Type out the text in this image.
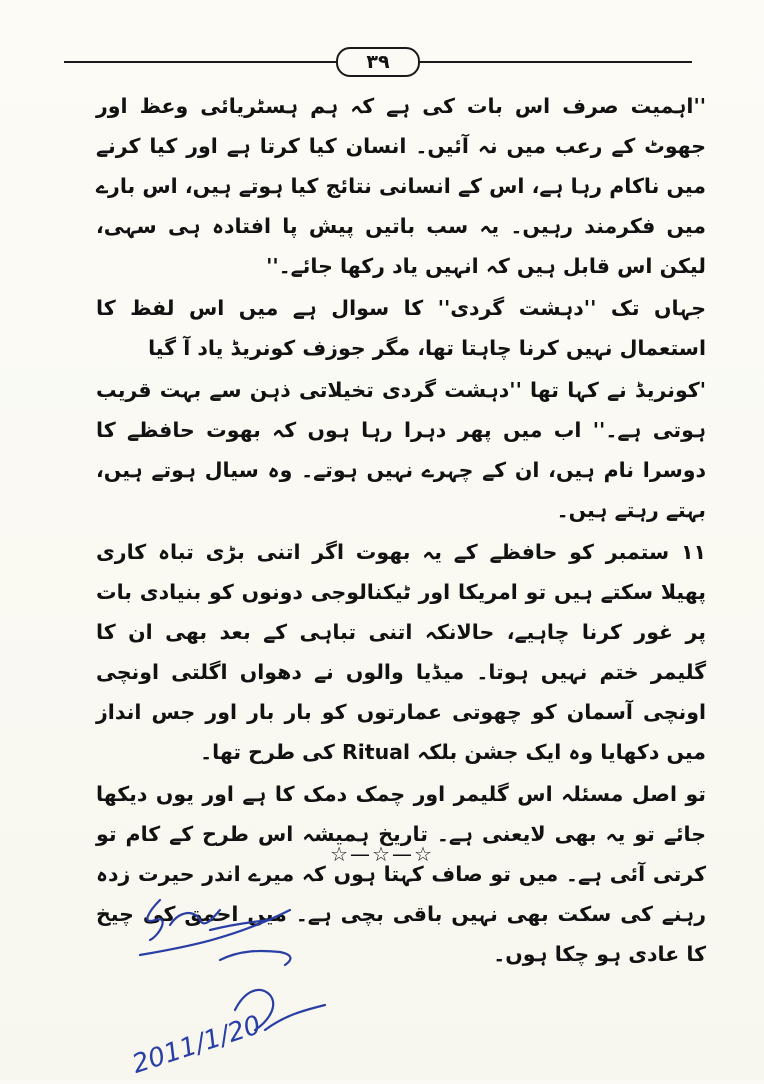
۳۹

''اہمیت صرف اس بات کی ہے کہ ہم ہسٹریائی وعظ اور جھوٹ کے رعب میں نہ آئیں۔ انسان کیا کرتا ہے اور کیا کرنے میں ناکام رہا ہے، اس کے انسانی نتائج کیا ہوتے ہیں، اس بارے میں فکرمند رہیں۔ یہ سب باتیں پیش پا افتادہ ہی سہی، لیکن اس قابل ہیں کہ انہیں یاد رکھا جائے۔''

جہاں تک ''دہشت گردی'' کا سوال ہے میں اس لفظ کا استعمال نہیں کرنا چاہتا تھا، مگر جوزف کونریڈ یاد آ گیا

'کونریڈ نے کہا تھا ''دہشت گردی تخیلاتی ذہن سے بہت قریب ہوتی ہے۔'' اب میں پھر دہرا رہا ہوں کہ بھوت حافظے کا دوسرا نام ہیں، ان کے چہرے نہیں ہوتے۔ وہ سیال ہوتے ہیں، بہتے رہتے ہیں۔

۱۱ ستمبر کو حافظے کے یہ بھوت اگر اتنی بڑی تباہ کاری پھیلا سکتے ہیں تو امریکا اور ٹیکنالوجی دونوں کو بنیادی بات پر غور کرنا چاہیے، حالانکہ اتنی تباہی کے بعد بھی ان کا گلیمر ختم نہیں ہوتا۔ میڈیا والوں نے دھواں اگلتی اونچی اونچی آسمان کو چھوتی عمارتوں کو بار بار اور جس انداز میں دکھایا وہ ایک جشن بلکہ Ritual کی طرح تھا۔

تو اصل مسئلہ اس گلیمر اور چمک دمک کا ہے اور یوں دیکھا جائے تو یہ بھی لایعنی ہے۔ تاریخ ہمیشہ اس طرح کے کام تو کرتی آئی ہے۔ میں تو صاف کہتا ہوں کہ میرے اندر حیرت زدہ رہنے کی سکت بھی نہیں باقی بچی ہے۔ میں احمق کی چیخ کا عادی ہو چکا ہوں۔

☆—☆—☆
2011/1/20
